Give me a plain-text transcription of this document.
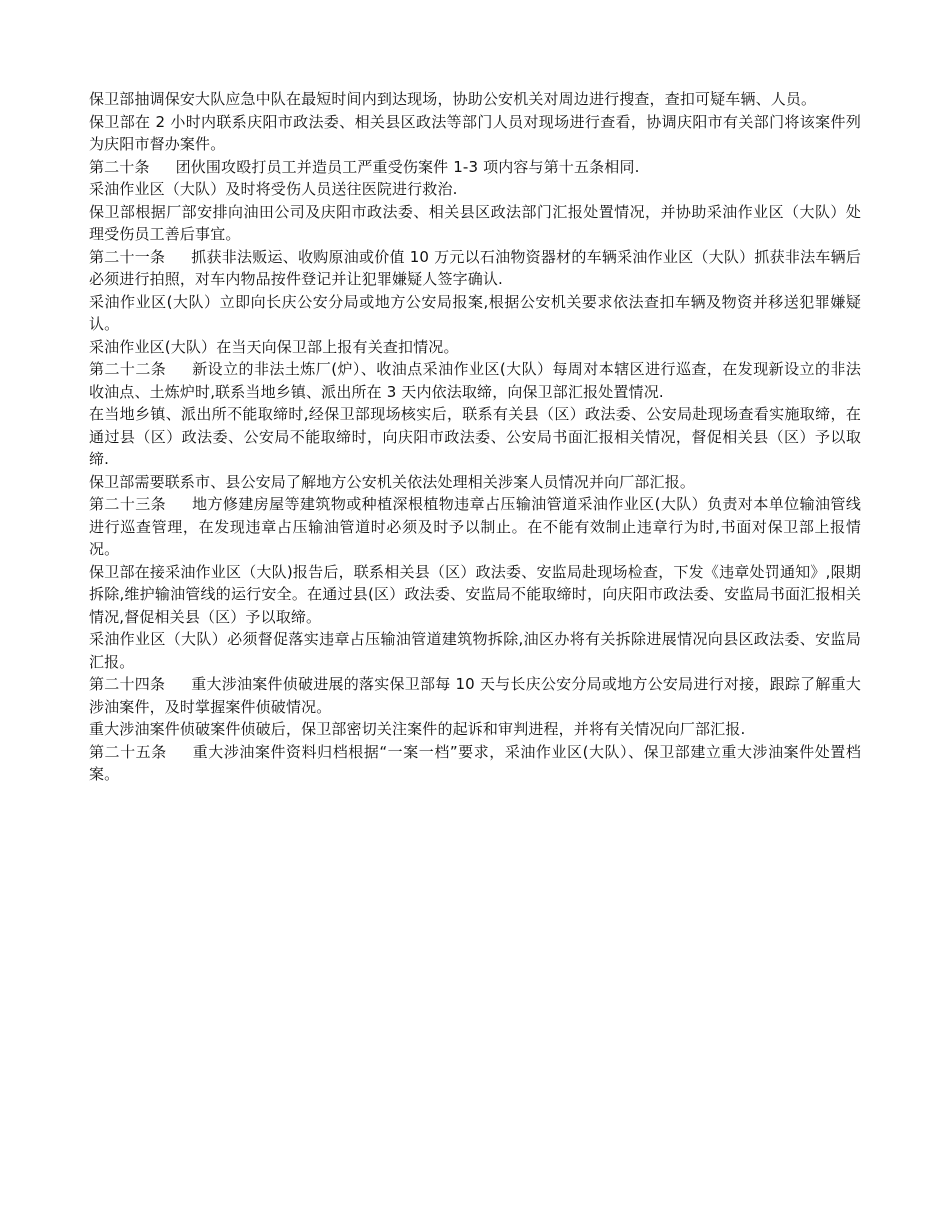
保卫部抽调保安大队应急中队在最短时间内到达现场，协助公安机关对周边进行搜查，查扣可疑车辆、人员。

保卫部在 2 小时内联系庆阳市政法委、相关县区政法等部门人员对现场进行查看，协调庆阳市有关部门将该案件列为庆阳市督办案件。

第二十条 团伙围攻殴打员工并造员工严重受伤案件 1-3 项内容与第十五条相同.

采油作业区（大队）及时将受伤人员送往医院进行救治.

保卫部根据厂部安排向油田公司及庆阳市政法委、相关县区政法部门汇报处置情况，并协助采油作业区（大队）处理受伤员工善后事宜。

第二十一条 抓获非法贩运、收购原油或价值 10 万元以石油物资器材的车辆采油作业区（大队）抓获非法车辆后必须进行拍照，对车内物品按件登记并让犯罪嫌疑人签字确认.

采油作业区(大队）立即向长庆公安分局或地方公安局报案,根据公安机关要求依法查扣车辆及物资并移送犯罪嫌疑认。

采油作业区(大队）在当天向保卫部上报有关查扣情况。

第二十二条 新设立的非法土炼厂(炉）、收油点采油作业区(大队）每周对本辖区进行巡查，在发现新设立的非法收油点、土炼炉时,联系当地乡镇、派出所在 3 天内依法取缔，向保卫部汇报处置情况.

在当地乡镇、派出所不能取缔时,经保卫部现场核实后，联系有关县（区）政法委、公安局赴现场查看实施取缔，在通过县（区）政法委、公安局不能取缔时，向庆阳市政法委、公安局书面汇报相关情况，督促相关县（区）予以取缔.

保卫部需要联系市、县公安局了解地方公安机关依法处理相关涉案人员情况并向厂部汇报。

第二十三条 地方修建房屋等建筑物或种植深根植物违章占压输油管道采油作业区(大队）负责对本单位输油管线进行巡查管理，在发现违章占压输油管道时必须及时予以制止。在不能有效制止违章行为时,书面对保卫部上报情况。

保卫部在接采油作业区（大队)报告后，联系相关县（区）政法委、安监局赴现场检查，下发《违章处罚通知》,限期拆除,维护输油管线的运行安全。在通过县(区）政法委、安监局不能取缔时，向庆阳市政法委、安监局书面汇报相关情况,督促相关县（区）予以取缔。

采油作业区（大队）必须督促落实违章占压输油管道建筑物拆除,油区办将有关拆除进展情况向县区政法委、安监局汇报。

第二十四条 重大涉油案件侦破进展的落实保卫部每 10 天与长庆公安分局或地方公安局进行对接，跟踪了解重大涉油案件，及时掌握案件侦破情况。

重大涉油案件侦破案件侦破后，保卫部密切关注案件的起诉和审判进程，并将有关情况向厂部汇报.

第二十五条 重大涉油案件资料归档根据“一案一档”要求，采油作业区(大队）、保卫部建立重大涉油案件处置档案。
